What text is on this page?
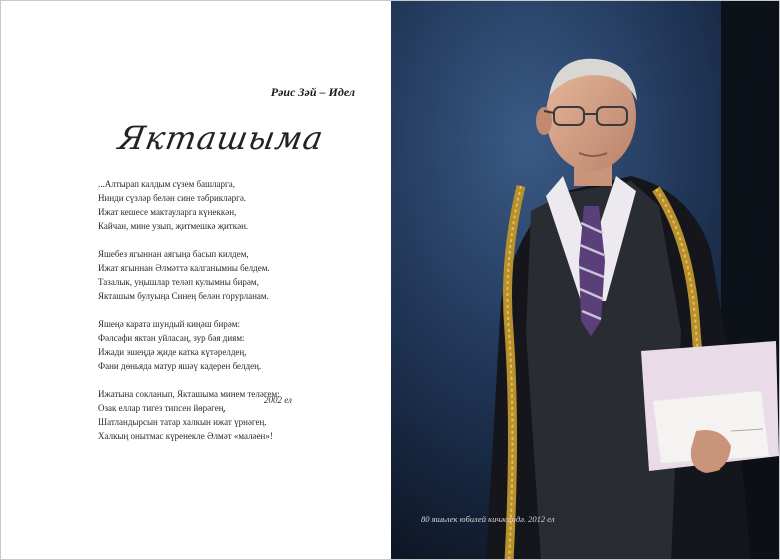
Рәис Зәй – Идел
Якташыма
...Алтырап калдым сүзем башларга,
Нинди сүзләр белән сине тәбрикләргә.
Ижат кешесе мактауларга күнеккән,
Кайчан, мине узып, җитмешкә җиткән.
Яшебез ягыннан аягыңа басып килдем,
Ижат ягыннан Әлмәттә калганымны белдем.
Тазалык, уңышлар теләп кулымны бирәм,
Якташым булуыңа Синең белән горурланам.
Яшеңә карата шундый киңәш бирәм:
Фәлсәфи яктан уйласаң, зур бәя диям:
Ижади эшеңдә җиде катка күтәрелдең,
Фани дөньяда матур яшәү кадерен белдең.
Ижатына сокланып, Якташыма минем теләгем:
Озак еллар тигез типсен йөрәгең,
Шатландырсын татар халкын ижат үрнәгең.
Халкың онытмас күренекле Әлмәт «маләен»!
2002 ел
80 яшьлек юбилей кичәсендә. 2012 ел
